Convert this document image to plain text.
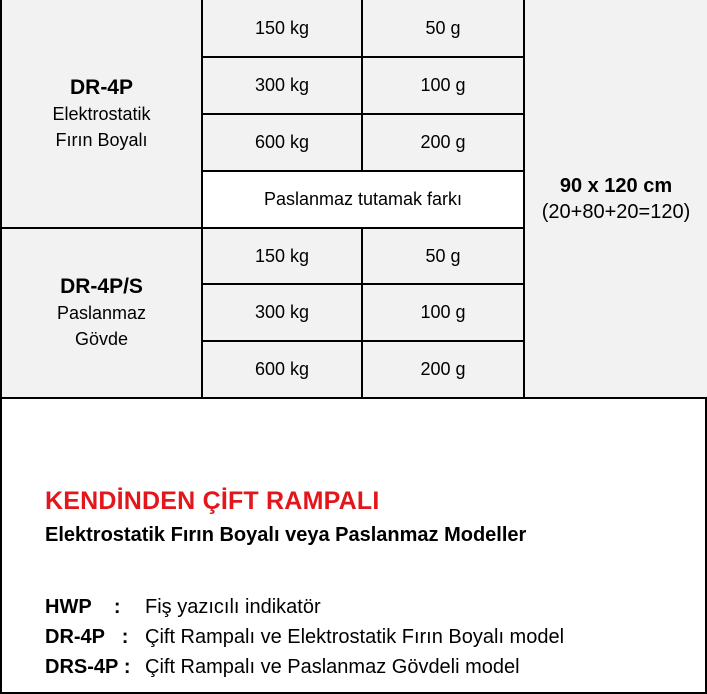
DR-4P
Elektrostatik
Fırın Boyalı	150 kg	50 g	90 x 120 cm
(20+80+20=120)

	300 kg	100 g	
	600 kg	200 g	
	Paslanmaz tutamak farkı		

DR-4P/S
Paslanmaz
Gövde	150 kg	50 g	
	300 kg	100 g	
	600 kg	200 g	

KENDİNDEN ÇİFT RAMPALI

Elektrostatik Fırın Boyalı veya Paslanmaz Modeller

HWP :	Fiş yazıcılı indikatör
DR-4P : Çift Rampalı ve Elektrostatik Fırın Boyalı model
DRS-4P : Çift Rampalı ve Paslanmaz Gövdeli model
